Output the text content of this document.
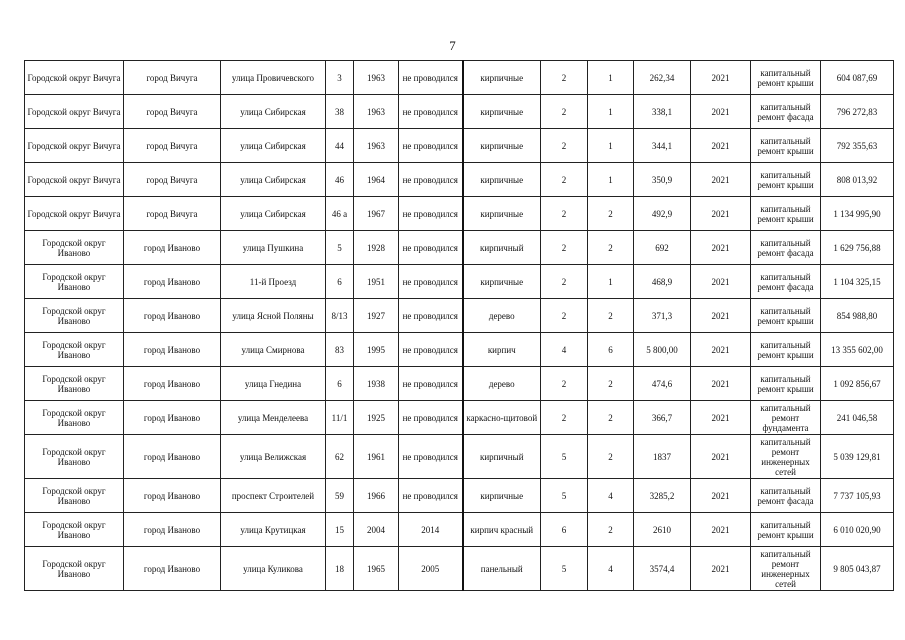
7
Городской округ Вичуга	город Вичуга	улица Провичевского	3	1963	не проводился	кирпичные	2	1	262,34	2021	капитальный ремонт крыши	604 087,69
Городской округ Вичуга	город Вичуга	улица Сибирская	38	1963	не проводился	кирпичные	2	1	338,1	2021	капитальный ремонт фасада	796 272,83
Городской округ Вичуга	город Вичуга	улица Сибирская	44	1963	не проводился	кирпичные	2	1	344,1	2021	капитальный ремонт крыши	792 355,63
Городской округ Вичуга	город Вичуга	улица Сибирская	46	1964	не проводился	кирпичные	2	1	350,9	2021	капитальный ремонт крыши	808 013,92
Городской округ Вичуга	город Вичуга	улица Сибирская	46 а	1967	не проводился	кирпичные	2	2	492,9	2021	капитальный ремонт крыши	1 134 995,90
Городской округ Иваново	город Иваново	улица Пушкина	5	1928	не проводился	кирпичный	2	2	692	2021	капитальный ремонт фасада	1 629 756,88
Городской округ Иваново	город Иваново	11-й Проезд	6	1951	не проводился	кирпичные	2	1	468,9	2021	капитальный ремонт фасада	1 104 325,15
Городской округ Иваново	город Иваново	улица Ясной Поляны	8/13	1927	не проводился	дерево	2	2	371,3	2021	капитальный ремонт крыши	854 988,80
Городской округ Иваново	город Иваново	улица Смирнова	83	1995	не проводился	кирпич	4	6	5 800,00	2021	капитальный ремонт крыши	13 355 602,00
Городской округ Иваново	город Иваново	улица Гнедина	6	1938	не проводился	дерево	2	2	474,6	2021	капитальный ремонт крыши	1 092 856,67
Городской округ Иваново	город Иваново	улица Менделеева	11/1	1925	не проводился	каркасно-щитовой	2	2	366,7	2021	капитальный ремонт фундамента	241 046,58
Городской округ Иваново	город Иваново	улица Велижская	62	1961	не проводился	кирпичный	5	2	1837	2021	капитальный ремонт инженерных сетей	5 039 129,81
Городской округ Иваново	город Иваново	проспект Строителей	59	1966	не проводился	кирпичные	5	4	3285,2	2021	капитальный ремонт фасада	7 737 105,93
Городской округ Иваново	город Иваново	улица Крутицкая	15	2004	2014	кирпич красный	6	2	2610	2021	капитальный ремонт крыши	6 010 020,90
Городской округ Иваново	город Иваново	улица Куликова	18	1965	2005	панельный	5	4	3574,4	2021	капитальный ремонт инженерных сетей	9 805 043,87
